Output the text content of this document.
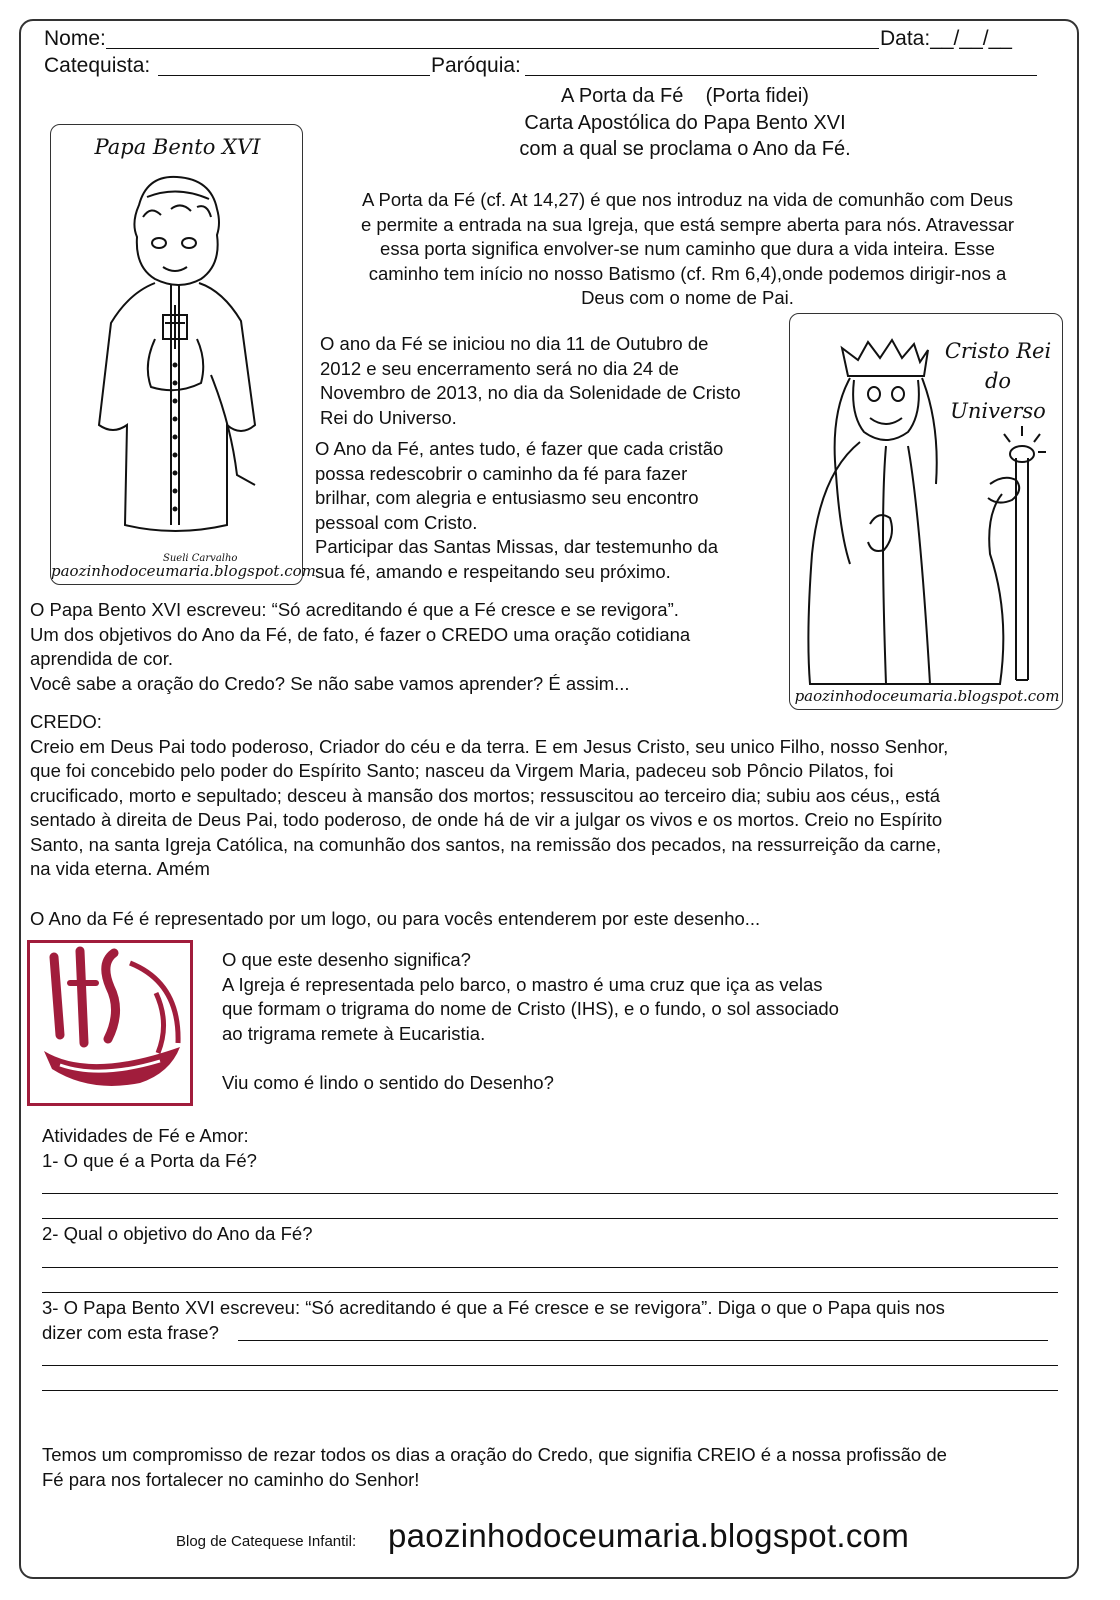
Nome:	Data:__/__/__
Catequista:	Paróquia:
A Porta da Fé    (Porta fidei)
Carta Apostólica do Papa Bento XVI
com a qual se proclama o Ano da Fé.
Papa Bento XVI
Sueli Carvalho
paozinhodoceumaria.blogspot.com
A Porta da Fé (cf. At 14,27) é que nos introduz na vida de comunhão com Deus
e permite a entrada na sua Igreja, que está sempre aberta para nós. Atravessar
essa porta significa envolver-se num caminho que dura a vida inteira. Esse
caminho tem início no nosso Batismo (cf. Rm 6,4),onde podemos dirigir-nos a
Deus com o nome de Pai.
O ano da Fé se iniciou no dia 11 de Outubro de
2012 e seu encerramento será no dia 24 de
Novembro de 2013, no dia da Solenidade de Cristo
Rei do Universo.
O Ano da Fé, antes tudo, é fazer que cada cristão
possa redescobrir o caminho da fé para fazer
brilhar, com alegria e entusiasmo seu encontro
pessoal com Cristo.
Participar das Santas Missas, dar testemunho da
sua fé, amando e respeitando seu próximo.
Cristo Rei
do Universo
paozinhodoceumaria.blogspot.com
O Papa Bento XVI escreveu: “Só acreditando é que a Fé cresce e se revigora”.
Um dos objetivos do Ano da Fé, de fato, é fazer o CREDO uma oração cotidiana
aprendida de cor.
Você sabe a oração do Credo? Se não sabe vamos aprender? É assim...
CREDO:
Creio em Deus Pai todo poderoso, Criador do céu e da terra. E em Jesus Cristo, seu unico Filho, nosso Senhor,
que foi concebido pelo poder do Espírito Santo; nasceu da Virgem Maria, padeceu sob Pôncio Pilatos, foi
crucificado, morto e sepultado; desceu à mansão dos mortos; ressuscitou ao terceiro dia; subiu aos céus,, está
sentado à direita de Deus Pai, todo poderoso, de onde há de vir a julgar os vivos e os mortos. Creio no Espírito
Santo, na santa Igreja Católica, na comunhão dos santos, na remissão dos pecados, na ressurreição da carne,
na vida eterna. Amém
O Ano da Fé é representado por um logo, ou para vocês entenderem por este desenho...
O que este desenho significa?
A Igreja é representada pelo barco, o mastro é uma cruz que iça as velas
que formam o trigrama do nome de Cristo (IHS), e o fundo, o sol associado
ao trigrama remete à Eucaristia.
Viu como é lindo o sentido do Desenho?
Atividades de Fé e Amor:
1- O que é a Porta da Fé?
2- Qual o objetivo do Ano da Fé?
3- O Papa Bento XVI escreveu: “Só acreditando é que a Fé cresce e se revigora”. Diga o que o Papa quis nos
dizer com esta frase?
Temos um compromisso de rezar todos os dias a oração do Credo, que signifia CREIO é a nossa profissão de
Fé para nos fortalecer no caminho do Senhor!
Blog de Catequese Infantil: paozinhodoceumaria.blogspot.com
